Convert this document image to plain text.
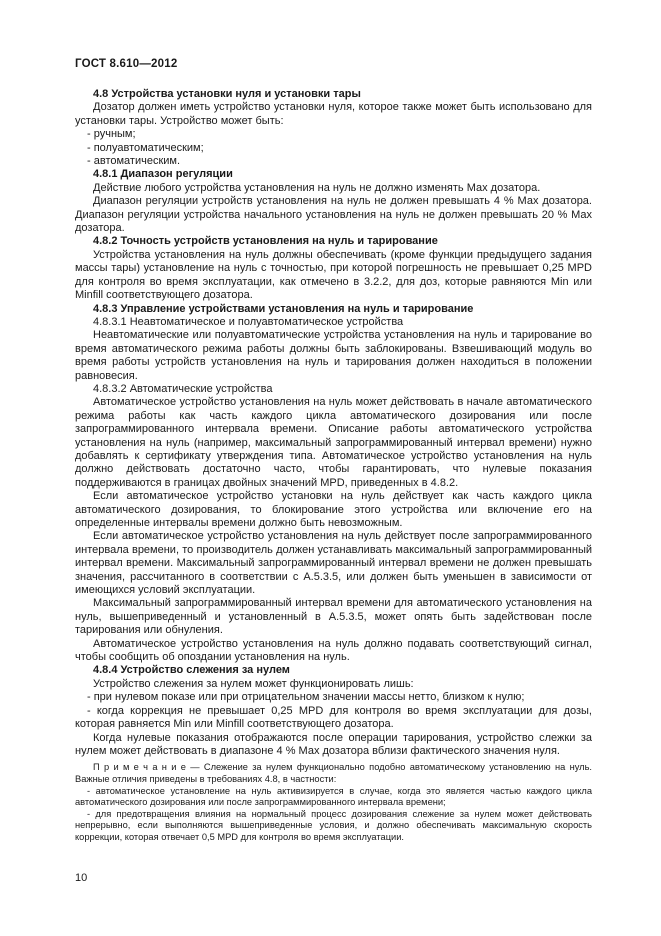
ГОСТ 8.610—2012
4.8 Устройства установки нуля и установки тары
Дозатор должен иметь устройство установки нуля, которое также может быть использовано для установки тары. Устройство может быть:
- ручным;
- полуавтоматическим;
- автоматическим.
4.8.1 Диапазон регуляции
Действие любого устройства установления на нуль не должно изменять Мах дозатора.
Диапазон регуляции устройств установления на нуль не должен превышать 4 % Мах дозатора. Диапазон регуляции устройства начального установления на нуль не должен превышать 20 % Мах дозатора.
4.8.2 Точность устройств установления на нуль и тарирование
Устройства установления на нуль должны обеспечивать (кроме функции предыдущего задания массы тары) установление на нуль с точностью, при которой погрешность не превышает 0,25 MPD для контроля во время эксплуатации, как отмечено в 3.2.2, для доз, которые равняются Min или Minfill соответствующего дозатора.
4.8.3 Управление устройствами установления на нуль и тарирование
4.8.3.1 Неавтоматическое и полуавтоматическое устройства
Неавтоматические или полуавтоматические устройства установления на нуль и тарирование во время автоматического режима работы должны быть заблокированы. Взвешивающий модуль во время работы устройств установления на нуль и тарирования должен находиться в положении равновесия.
4.8.3.2 Автоматические устройства
Автоматическое устройство установления на нуль может действовать в начале автоматического режима работы как часть каждого цикла автоматического дозирования или после запрограммированного интервала времени. Описание работы автоматического устройства установления на нуль (например, максимальный запрограммированный интервал времени) нужно добавлять к сертификату утверждения типа. Автоматическое устройство установления на нуль должно действовать достаточно часто, чтобы гарантировать, что нулевые показания поддерживаются в границах двойных значений MPD, приведенных в 4.8.2.
Если автоматическое устройство установки на нуль действует как часть каждого цикла автоматического дозирования, то блокирование этого устройства или включение его на определенные интервалы времени должно быть невозможным.
Если автоматическое устройство установления на нуль действует после запрограммированного интервала времени, то производитель должен устанавливать максимальный запрограммированный интервал времени. Максимальный запрограммированный интервал времени не должен превышать значения, рассчитанного в соответствии с А.5.3.5, или должен быть уменьшен в зависимости от имеющихся условий эксплуатации.
Максимальный запрограммированный интервал времени для автоматического установления на нуль, вышеприведенный и установленный в А.5.3.5, может опять быть задействован после тарирования или обнуления.
Автоматическое устройство установления на нуль должно подавать соответствующий сигнал, чтобы сообщить об опоздании установления на нуль.
4.8.4 Устройство слежения за нулем
Устройство слежения за нулем может функционировать лишь:
- при нулевом показе или при отрицательном значении массы нетто, близком к нулю;
- когда коррекция не превышает 0,25 MPD для контроля во время эксплуатации для дозы, которая равняется Min или Minfill соответствующего дозатора.
Когда нулевые показания отображаются после операции тарирования, устройство слежки за нулем может действовать в диапазоне 4 % Мах дозатора вблизи фактического значения нуля.
П р и м е ч а н и е — Слежение за нулем функционально подобно автоматическому установлению на нуль. Важные отличия приведены в требованиях 4.8, в частности:
- автоматическое установление на нуль активизируется в случае, когда это является частью каждого цикла автоматического дозирования или после запрограммированного интервала времени;
- для предотвращения влияния на нормальный процесс дозирования слежение за нулем может действовать непрерывно, если выполняются вышеприведенные условия, и должно обеспечивать максимальную скорость коррекции, которая отвечает 0,5 MPD для контроля во время эксплуатации.
10
